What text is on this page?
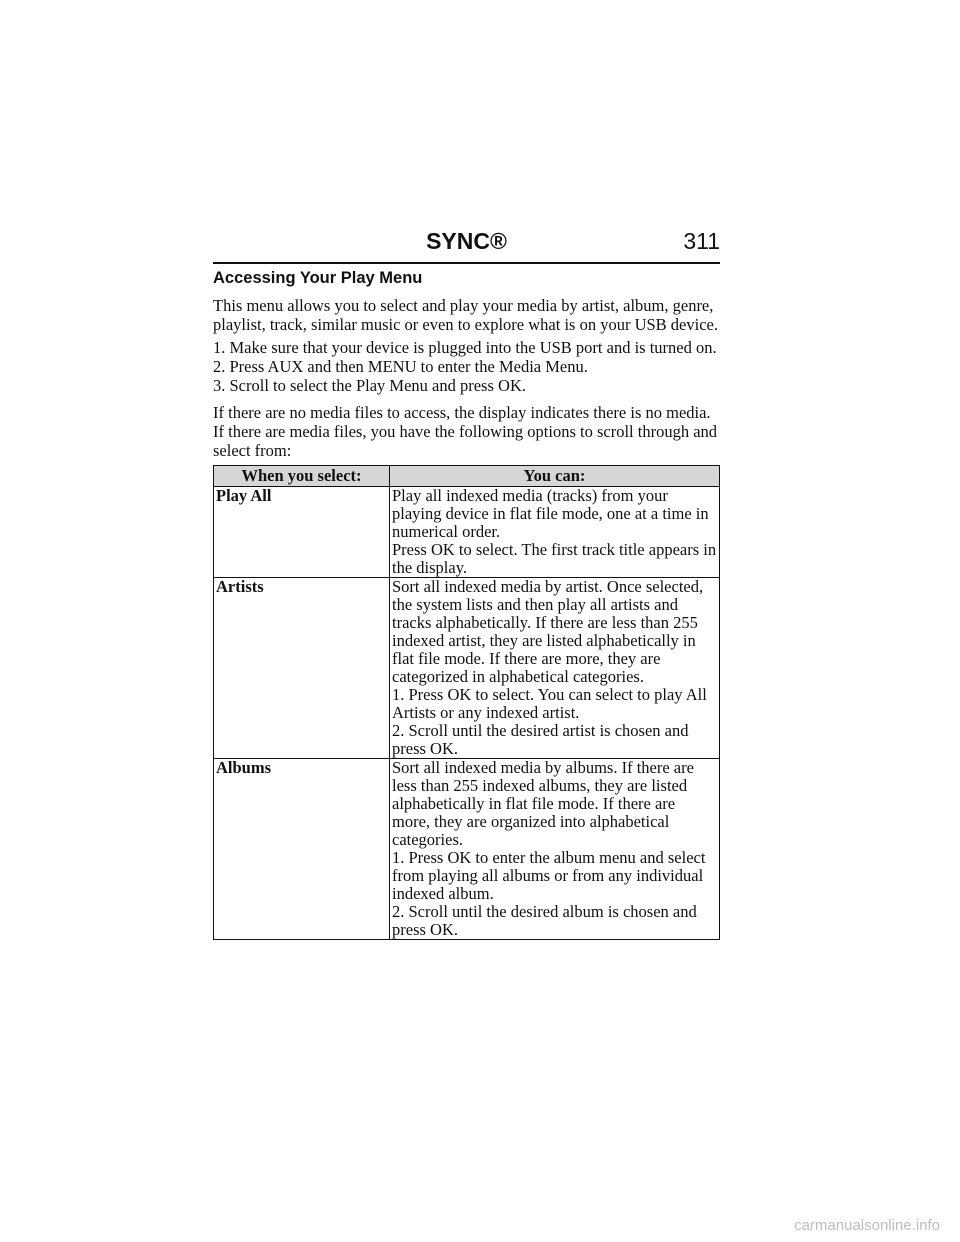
SYNC®	311
Accessing Your Play Menu

This menu allows you to select and play your media by artist, album, genre, playlist, track, similar music or even to explore what is on your USB device.

1. Make sure that your device is plugged into the USB port and is turned on.
2. Press AUX and then MENU to enter the Media Menu.
3. Scroll to select the Play Menu and press OK.

If there are no media files to access, the display indicates there is no media. If there are media files, you have the following options to scroll through and select from:

When you select:	You can:
Play All	Play all indexed media (tracks) from your playing device in flat file mode, one at a time in numerical order.
Press OK to select. The first track title appears in the display.

Artists	Sort all indexed media by artist. Once selected, the system lists and then play all artists and tracks alphabetically. If there are less than 255 indexed artist, they are listed alphabetically in flat file mode. If there are more, they are categorized in alphabetical categories.
1. Press OK to select. You can select to play All Artists or any indexed artist.
2. Scroll until the desired artist is chosen and press OK.

Albums	Sort all indexed media by albums. If there are less than 255 indexed albums, they are listed alphabetically in flat file mode. If there are more, they are organized into alphabetical categories.
1. Press OK to enter the album menu and select from playing all albums or from any individual indexed album.
2. Scroll until the desired album is chosen and press OK.
carmanualsonline.info
